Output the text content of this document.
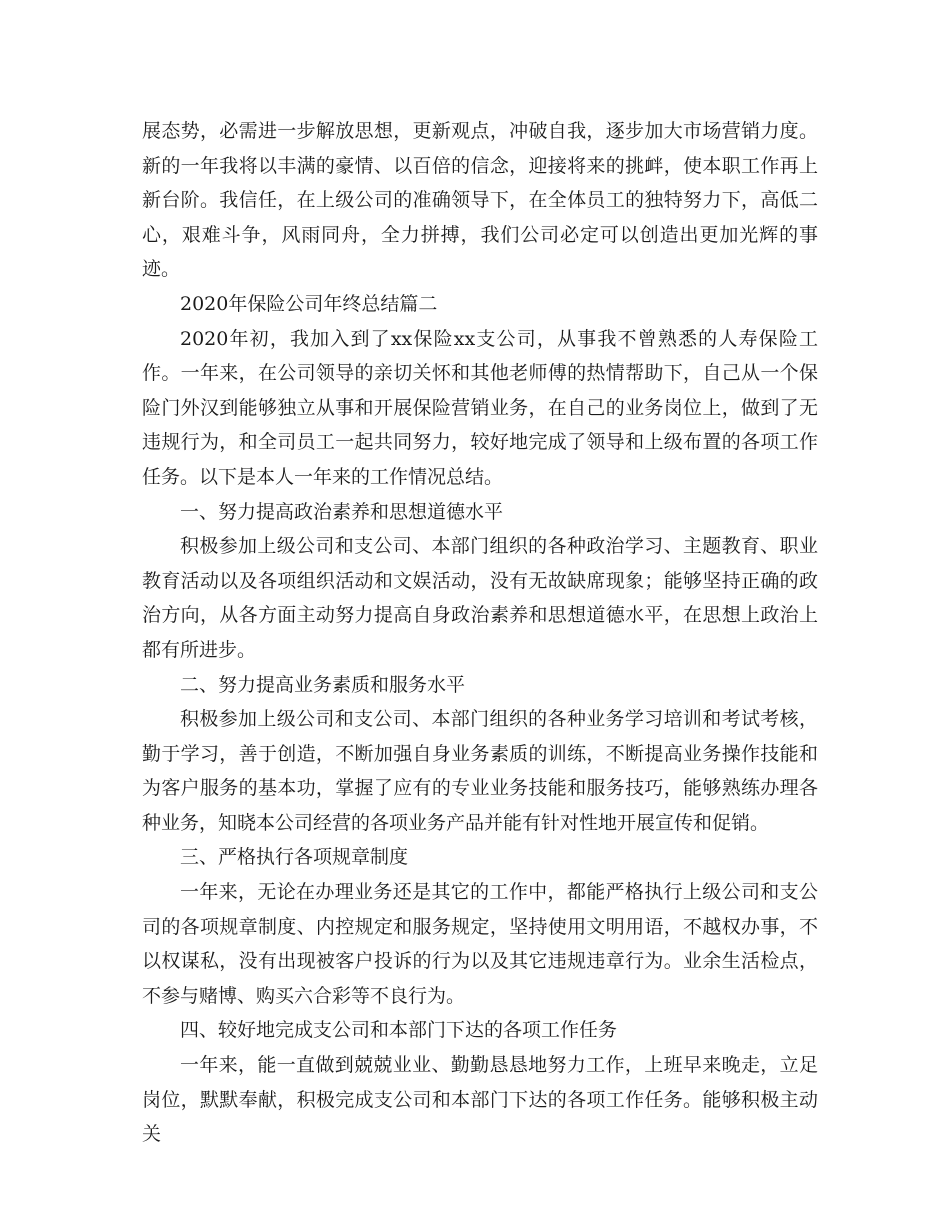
展态势，必需进一步解放思想，更新观点，冲破自我，逐步加大市场营销力度。新的一年我将以丰满的豪情、以百倍的信念，迎接将来的挑衅，使本职工作再上新台阶。我信任，在上级公司的准确领导下，在全体员工的独特努力下，高低二心，艰难斗争，风雨同舟，全力拼搏，我们公司必定可以创造出更加光辉的事迹。

2020年保险公司年终总结篇二

2020年初，我加入到了xx保险xx支公司，从事我不曾熟悉的人寿保险工作。一年来，在公司领导的亲切关怀和其他老师傅的热情帮助下，自己从一个保险门外汉到能够独立从事和开展保险营销业务，在自己的业务岗位上，做到了无违规行为，和全司员工一起共同努力，较好地完成了领导和上级布置的各项工作任务。以下是本人一年来的工作情况总结。

一、努力提高政治素养和思想道德水平

积极参加上级公司和支公司、本部门组织的各种政治学习、主题教育、职业教育活动以及各项组织活动和文娱活动，没有无故缺席现象；能够坚持正确的政治方向，从各方面主动努力提高自身政治素养和思想道德水平，在思想上政治上都有所进步。

二、努力提高业务素质和服务水平

积极参加上级公司和支公司、本部门组织的各种业务学习培训和考试考核，勤于学习，善于创造，不断加强自身业务素质的训练，不断提高业务操作技能和为客户服务的基本功，掌握了应有的专业业务技能和服务技巧，能够熟练办理各种业务，知晓本公司经营的各项业务产品并能有针对性地开展宣传和促销。

三、严格执行各项规章制度

一年来，无论在办理业务还是其它的工作中，都能严格执行上级公司和支公司的各项规章制度、内控规定和服务规定，坚持使用文明用语，不越权办事，不以权谋私，没有出现被客户投诉的行为以及其它违规违章行为。业余生活检点，不参与赌博、购买六合彩等不良行为。

四、较好地完成支公司和本部门下达的各项工作任务

一年来，能一直做到兢兢业业、勤勤恳恳地努力工作，上班早来晚走，立足岗位，默默奉献，积极完成支公司和本部门下达的各项工作任务。能够积极主动关
